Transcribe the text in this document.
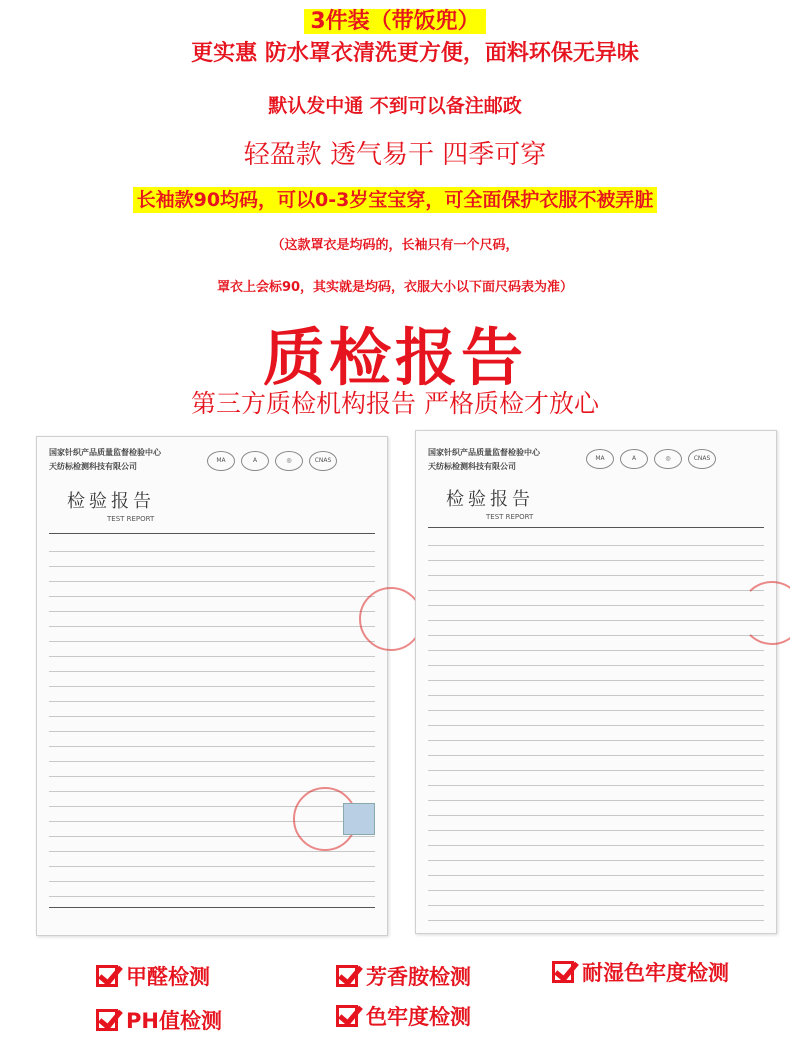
3件装（带饭兜）
更实惠 防水罩衣清洗更方便，面料环保无异味
默认发中通 不到可以备注邮政
轻盈款 透气易干 四季可穿
长袖款90均码，可以0-3岁宝宝穿，可全面保护衣服不被弄脏
（这款罩衣是均码的，长袖只有一个尺码，
罩衣上会标90，其实就是均码，衣服大小以下面尺码表为准）
质检报告
第三方质检机构报告 严格质检才放心
国家针织产品质量监督检验中心
天纺标检测科技有限公司
MA	A	◎	CNAS
检验报告
TEST REPORT
国家针织产品质量监督检验中心
天纺标检测科技有限公司
MA	A	◎	CNAS
检验报告
TEST REPORT
甲醛检测	芳香胺检测	耐湿色牢度检测
PH值检测	色牢度检测
